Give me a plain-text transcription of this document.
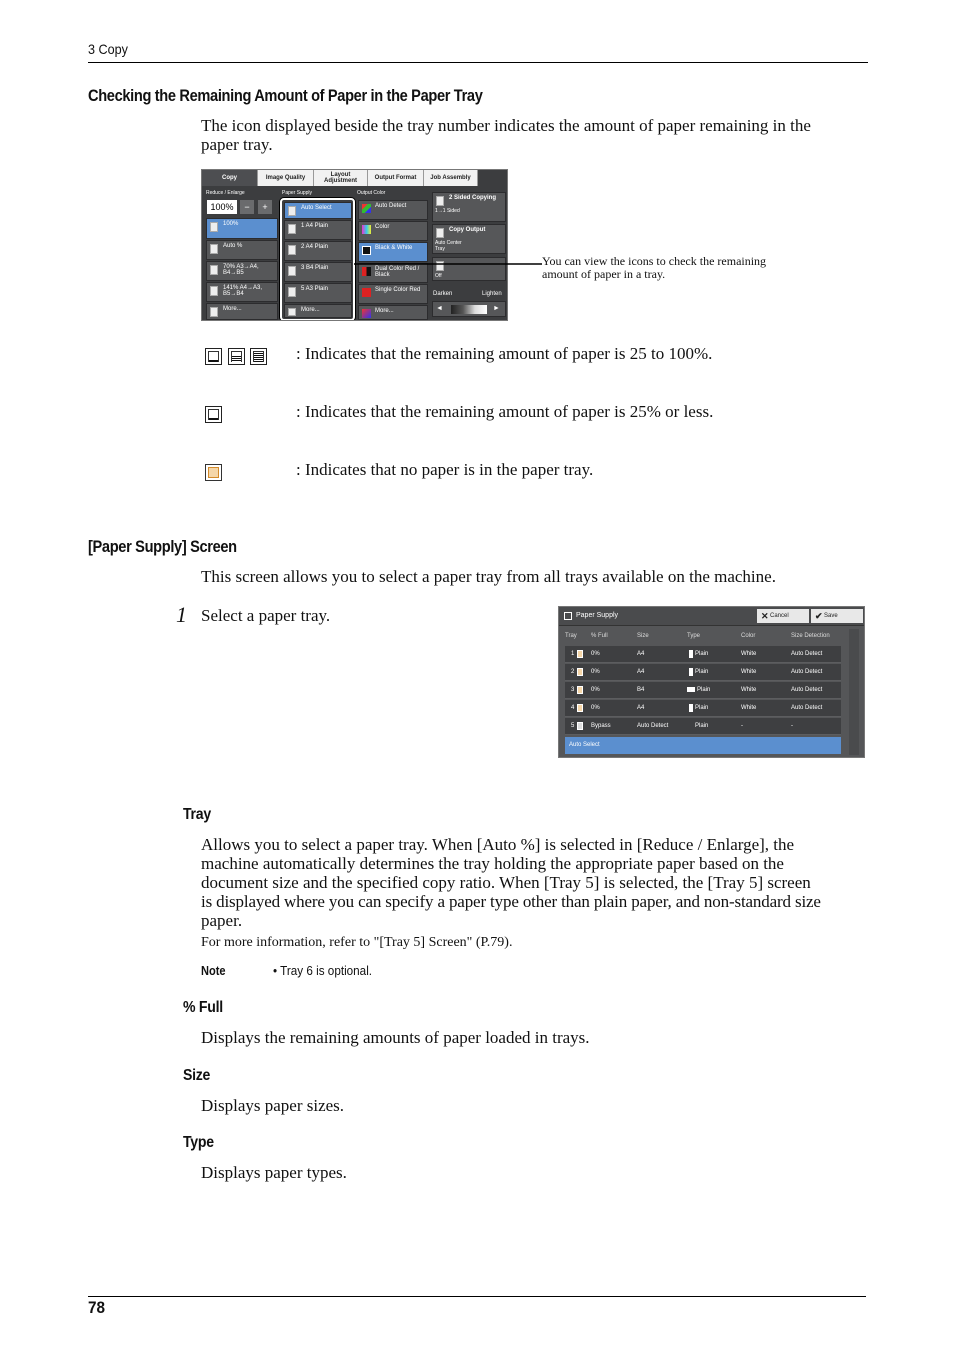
3 Copy
Checking the Remaining Amount of Paper in the Paper Tray
The icon displayed beside the tray number indicates the amount of paper remaining in the
paper tray.
Copy	Image Quality	Layout Adjustment	Output Format Job Assembly
Reduce / Enlarge	Paper Supply	Output Color
100%	−	+
100%
Auto %
70% A3→A4, B4→B5
141% A4→A3, B5→B4
More...
Auto Select
1 A4 Plain
2 A4 Plain
3 B4 Plain
5 A3 Plain
More...
Auto Detect
Color
Black & White
Dual Color Red / Black
Single Color Red
More...
2 Sided Copying
1→1 Sided
Copy Output
Auto Center Tray
Off
Darken	Lighten
◄	►
You can view the icons to check the remaining
amount of paper in a tray.
: Indicates that the remaining amount of paper is 25 to 100%.
: Indicates that the remaining amount of paper is 25% or less.
: Indicates that no paper is in the paper tray.
[Paper Supply] Screen
This screen allows you to select a paper tray from all trays available on the machine.
1 Select a paper tray.	Paper Supply	✕ Cancel	✔ Save
Tray % Full	Size	Type	Color	Size Detection
1	0%	A4	Plain	White	Auto Detect
2	0%	A4	Plain	White	Auto Detect
3	0%	B4	Plain	White	Auto Detect
4	0%	A4	Plain	White	Auto Detect
5	Bypass	Auto Detect	Plain	-	-
Auto Select
Tray
Allows you to select a paper tray. When [Auto %] is selected in [Reduce / Enlarge], the
machine automatically determines the tray holding the appropriate paper based on the
document size and the specified copy ratio. When [Tray 5] is selected, the [Tray 5] screen
is displayed where you can specify a paper type other than plain paper, and non-standard size
paper.
For more information, refer to "[Tray 5] Screen" (P.79).
Note	• Tray 6 is optional.
% Full
Displays the remaining amounts of paper loaded in trays.
Size
Displays paper sizes.
Type
Displays paper types.
78
